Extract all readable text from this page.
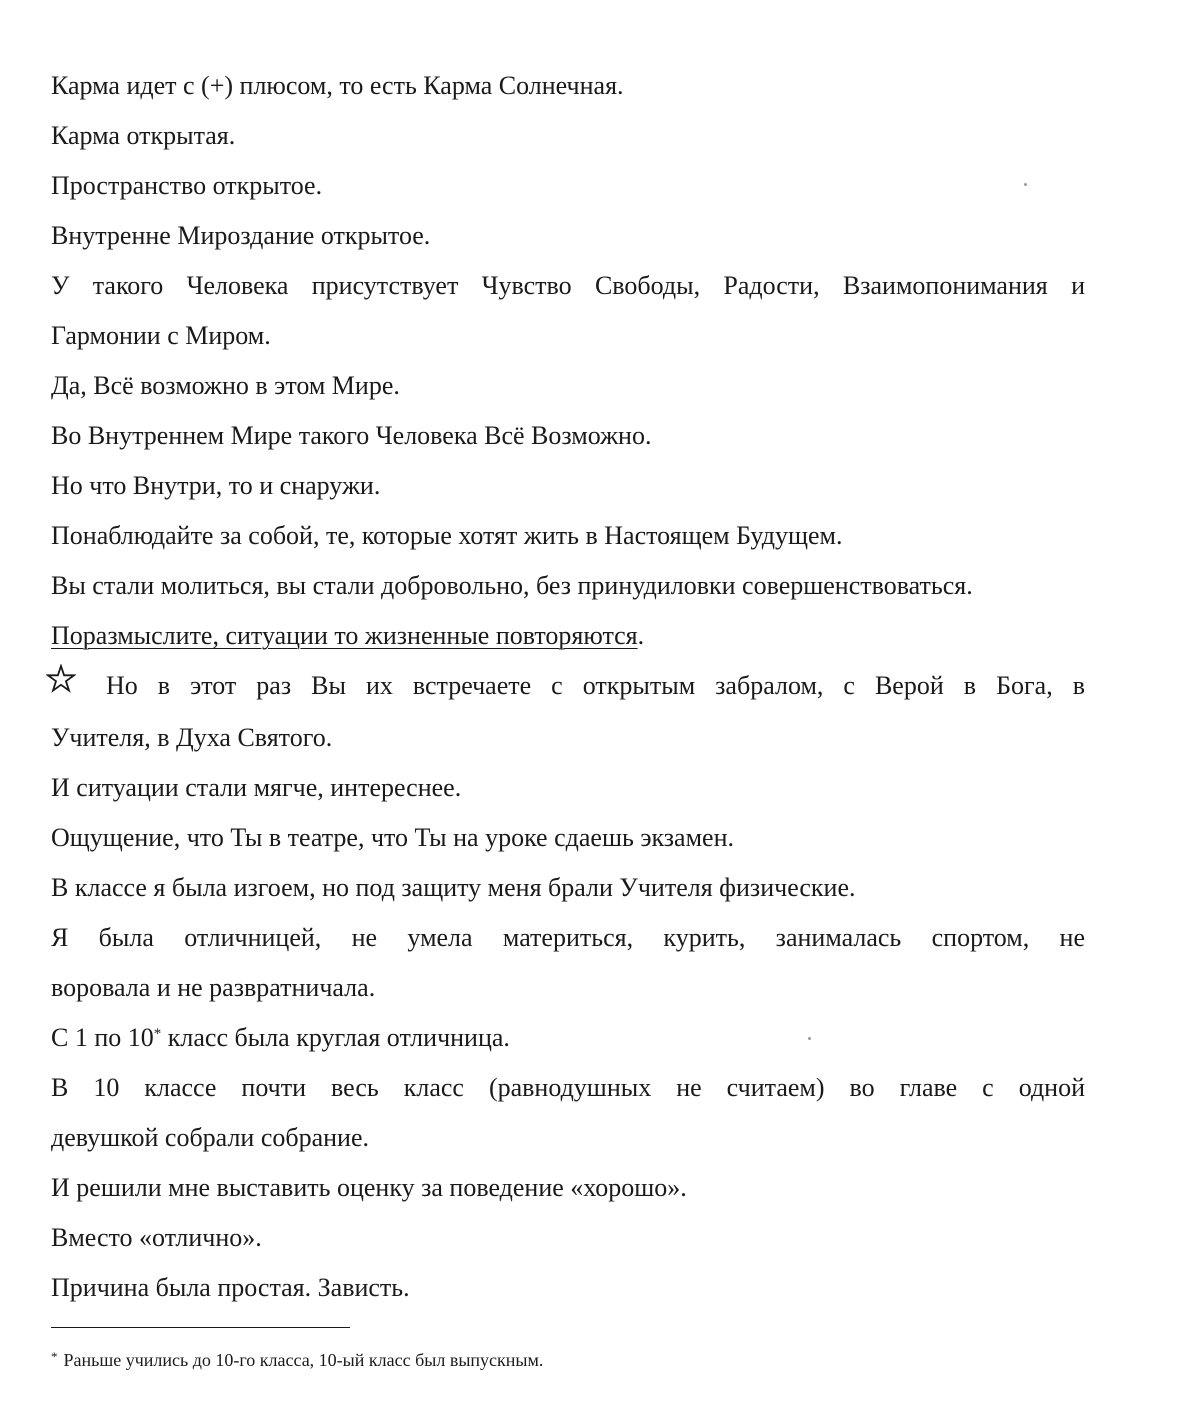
Карма идет с (+) плюсом, то есть Карма Солнечная.
Карма открытая.
Пространство открытое.
Внутренне Мироздание открытое.
У такого Человека присутствует Чувство Свободы, Радости, Взаимопонимания и
Гармонии с Миром.
Да, Всё возможно в этом Мире.
Во Внутреннем Мире такого Человека Всё Возможно.
Но что Внутри, то и снаружи.
Понаблюдайте за собой, те, которые хотят жить в Настоящем Будущем.
Вы стали молиться, вы стали добровольно, без принудиловки совершенствоваться.
Поразмыслите, ситуации то жизненные повторяются.
Но в этот раз Вы их встречаете с открытым забралом, с Верой в Бога, в
Учителя, в Духа Святого.
И ситуации стали мягче, интереснее.
Ощущение, что Ты в театре, что Ты на уроке сдаешь экзамен.
В классе я была изгоем, но под защиту меня брали Учителя физические.
Я была отличницей, не умела материться, курить, занималась спортом, не
воровала и не развратничала.
С 1 по 10* класс была круглая отличница.
В 10 классе почти весь класс (равнодушных не считаем) во главе с одной
девушкой собрали собрание.
И решили мне выставить оценку за поведение «хорошо».
Вместо «отлично».
Причина была простая. Зависть.
* Раньше учились до 10-го класса, 10-ый класс был выпускным.
